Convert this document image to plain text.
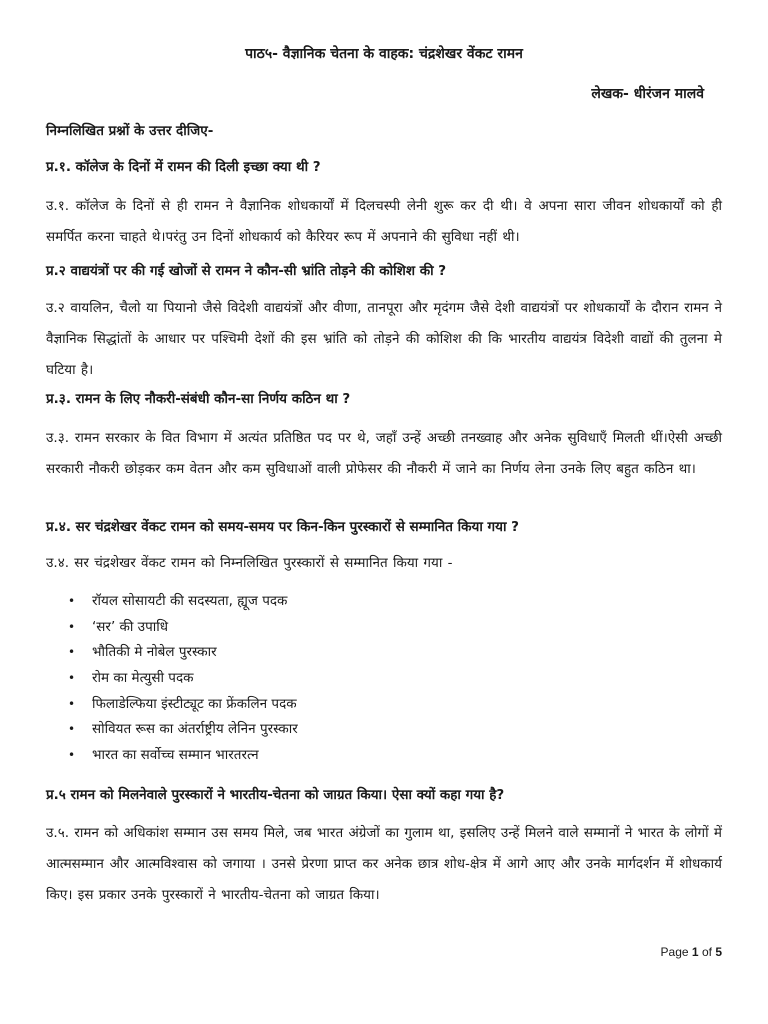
पाठ५- वैज्ञानिक चेतना के वाहक: चंद्रशेखर वेंकट रामन

लेखक- धीरंजन मालवे

निम्नलिखित प्रश्नों के उत्तर दीजिए-

प्र.१. कॉलेज के दिनों में रामन की दिली इच्छा क्या थी ?

उ.१. कॉलेज के दिनों से ही रामन ने वैज्ञानिक शोधकार्यों में दिलचस्पी लेनी शुरू कर दी थी। वे अपना सारा जीवन शोधकार्यों को ही समर्पित करना चाहते थे।परंतु उन दिनों शोधकार्य को कैरियर रूप में अपनाने की सुविधा नहीं थी।

प्र.२ वाद्ययंत्रों पर की गई खोजों से रामन ने कौन-सी भ्रांति तोड़ने की कोशिश की ?

उ.२ वायलिन, चैलो या पियानो जैसे विदेशी वाद्ययंत्रों और वीणा, तानपूरा और मृदंगम जैसे देशी वाद्ययंत्रों पर शोधकार्यों के दौरान रामन ने वैज्ञानिक सिद्धांतों के आधार पर पश्चिमी देशों की इस भ्रांति को तोड़ने की कोशिश की कि भारतीय वाद्ययंत्र विदेशी वाद्यों की तुलना मे घटिया है।

प्र.३. रामन के लिए नौकरी-संबंधी कौन-सा निर्णय कठिन था ?

उ.३. रामन सरकार के वित विभाग में अत्यंत प्रतिष्ठित पद पर थे, जहाँ उन्हें अच्छी तनख्वाह और अनेक सुविधाएँ मिलती थीं।ऐसी अच्छी सरकारी नौकरी छोड़कर कम वेतन और कम सुविधाओं वाली प्रोफेसर की नौकरी में जाने का निर्णय लेना उनके लिए बहुत कठिन था।

प्र.४. सर चंद्रशेखर वेंकट रामन को समय-समय पर किन-किन पुरस्कारों से सम्मानित किया गया ?

उ.४. सर चंद्रशेखर वेंकट रामन को निम्नलिखित पुरस्कारों से सम्मानित किया गया -

• रॉयल सोसायटी की सदस्यता, ह्यूज पदक
• ‘सर’ की उपाधि
• भौतिकी मे नोबेल पुरस्कार
• रोम का मेत्युसी पदक
• फिलाडेल्फिया इंस्टीट्यूट का फ्रेंकलिन पदक
• सोवियत रूस का अंतर्राष्ट्रीय लेनिन पुरस्कार
• भारत का सर्वोच्च सम्मान भारतरत्न

प्र.५ रामन को मिलनेवाले पुरस्कारों ने भारतीय-चेतना को जाग्रत किया। ऐसा क्यों कहा गया है?

उ.५. रामन को अधिकांश सम्मान उस समय मिले, जब भारत अंग्रेजों का गुलाम था, इसलिए उन्हें मिलने वाले सम्मानों ने भारत के लोगों में आत्मसम्मान और आत्मविश्वास को जगाया । उनसे प्रेरणा प्राप्त कर अनेक छात्र शोध-क्षेत्र में आगे आए और उनके मार्गदर्शन में शोधकार्य किए। इस प्रकार उनके पुरस्कारों ने भारतीय-चेतना को जाग्रत किया।

Page 1 of 5
